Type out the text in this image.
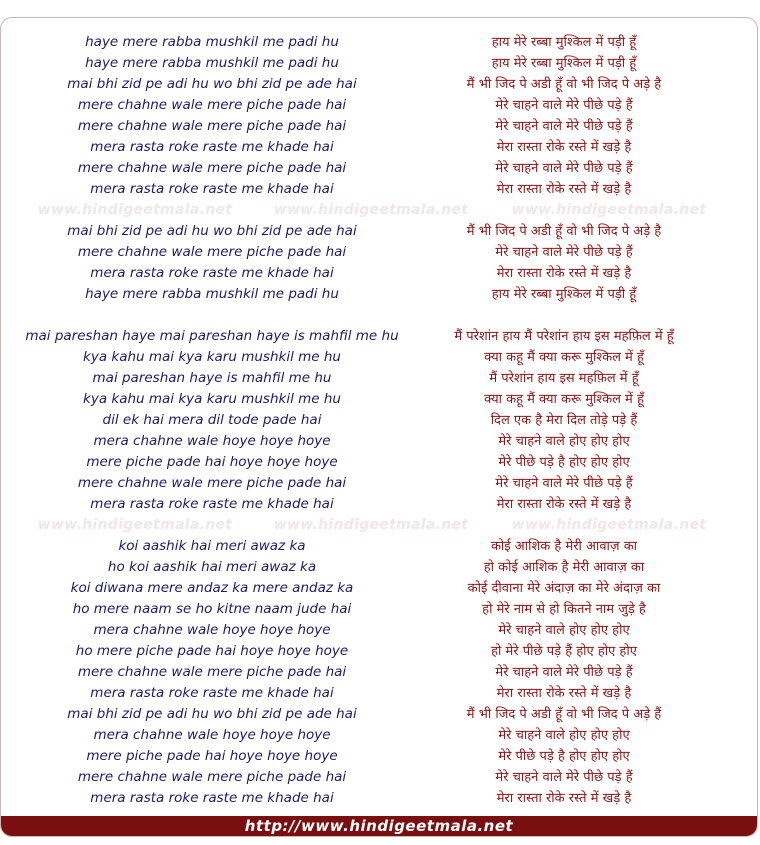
haye mere rabba mushkil me padi hu	हाय मेरे रब्बा मुश्किल में पड़ी हूँ
haye mere rabba mushkil me padi hu	हाय मेरे रब्बा मुश्किल में पड़ी हूँ
mai bhi zid pe adi hu wo bhi zid pe ade hai	मैं भी जिद पे अडी हूँ वो भी जिद पे अड़े है
mere chahne wale mere piche pade hai	मेरे चाहने वाले मेरे पीछे पड़े हैं
mere chahne wale mere piche pade hai	मेरे चाहने वाले मेरे पीछे पड़े हैं
mera rasta roke raste me khade hai	मेरा रास्ता रोके रस्ते में खड़े है
mere chahne wale mere piche pade hai	मेरे चाहने वाले मेरे पीछे पड़े हैं
mera rasta roke raste me khade hai	मेरा रास्ता रोके रस्ते में खड़े है
www.hindigeetmala.net	www.hindigeetmala.net	www.hindigeetmala.net
mai bhi zid pe adi hu wo bhi zid pe ade hai	मैं भी जिद पे अडी हूँ वो भी जिद पे अड़े है
mere chahne wale mere piche pade hai	मेरे चाहने वाले मेरे पीछे पड़े हैं
mera rasta roke raste me khade hai	मेरा रास्ता रोके रस्ते में खड़े है
haye mere rabba mushkil me padi hu	हाय मेरे रब्बा मुश्किल में पड़ी हूँ
mai pareshan haye mai pareshan haye is mahfil me hu	मैं परेशांन हाय मैं परेशांन हाय इस महफ़िल में हूँ
kya kahu mai kya karu mushkil me hu	क्या कहू मैं क्या करू मुश्किल में हूँ
mai pareshan haye is mahfil me hu	मैं परेशांन हाय इस महफ़िल में हूँ
kya kahu mai kya karu mushkil me hu	क्या कहू मैं क्या करू मुश्किल में हूँ
dil ek hai mera dil tode pade hai	दिल एक है मेरा दिल तोड़े पड़े हैं
mera chahne wale hoye hoye hoye	मेरे चाहने वाले होए होए होए
mere piche pade hai hoye hoye hoye	मेरे पीछे पड़े है होए होए होए
mere chahne wale mere piche pade hai	मेरे चाहने वाले मेरे पीछे पड़े हैं
mera rasta roke raste me khade hai	मेरा रास्ता रोके रस्ते में खड़े है
www.hindigeetmala.net	www.hindigeetmala.net	www.hindigeetmala.net
koi aashik hai meri awaz ka	कोई आशिक है मेरी आवाज़ का
ho koi aashik hai meri awaz ka	हो कोई आशिक है मेरी आवाज़ का
koi diwana mere andaz ka mere andaz ka	कोई दीवाना मेरे अंदाज़ का मेरे अंदाज़ का
ho mere naam se ho kitne naam jude hai	हो मेरे नाम से हो कितने नाम जुड़े है
mera chahne wale hoye hoye hoye	मेरे चाहने वाले होए होए होए
ho mere piche pade hai hoye hoye hoye	हो मेरे पीछे पड़े हैं होए होए होए
mere chahne wale mere piche pade hai	मेरे चाहने वाले मेरे पीछे पड़े हैं
mera rasta roke raste me khade hai	मेरा रास्ता रोके रस्ते में खड़े है
mai bhi zid pe adi hu wo bhi zid pe ade hai	मैं भी जिद पे अडी हूँ वो भी जिद पे अड़े हैं
mera chahne wale hoye hoye hoye	मेरे चाहने वाले होए होए होए
mere piche pade hai hoye hoye hoye	मेरे पीछे पड़े है होए होए होए
mere chahne wale mere piche pade hai	मेरे चाहने वाले मेरे पीछे पड़े हैं
mera rasta roke raste me khade hai	मेरा रास्ता रोके रस्ते में खड़े है
http://www.hindigeetmala.net
